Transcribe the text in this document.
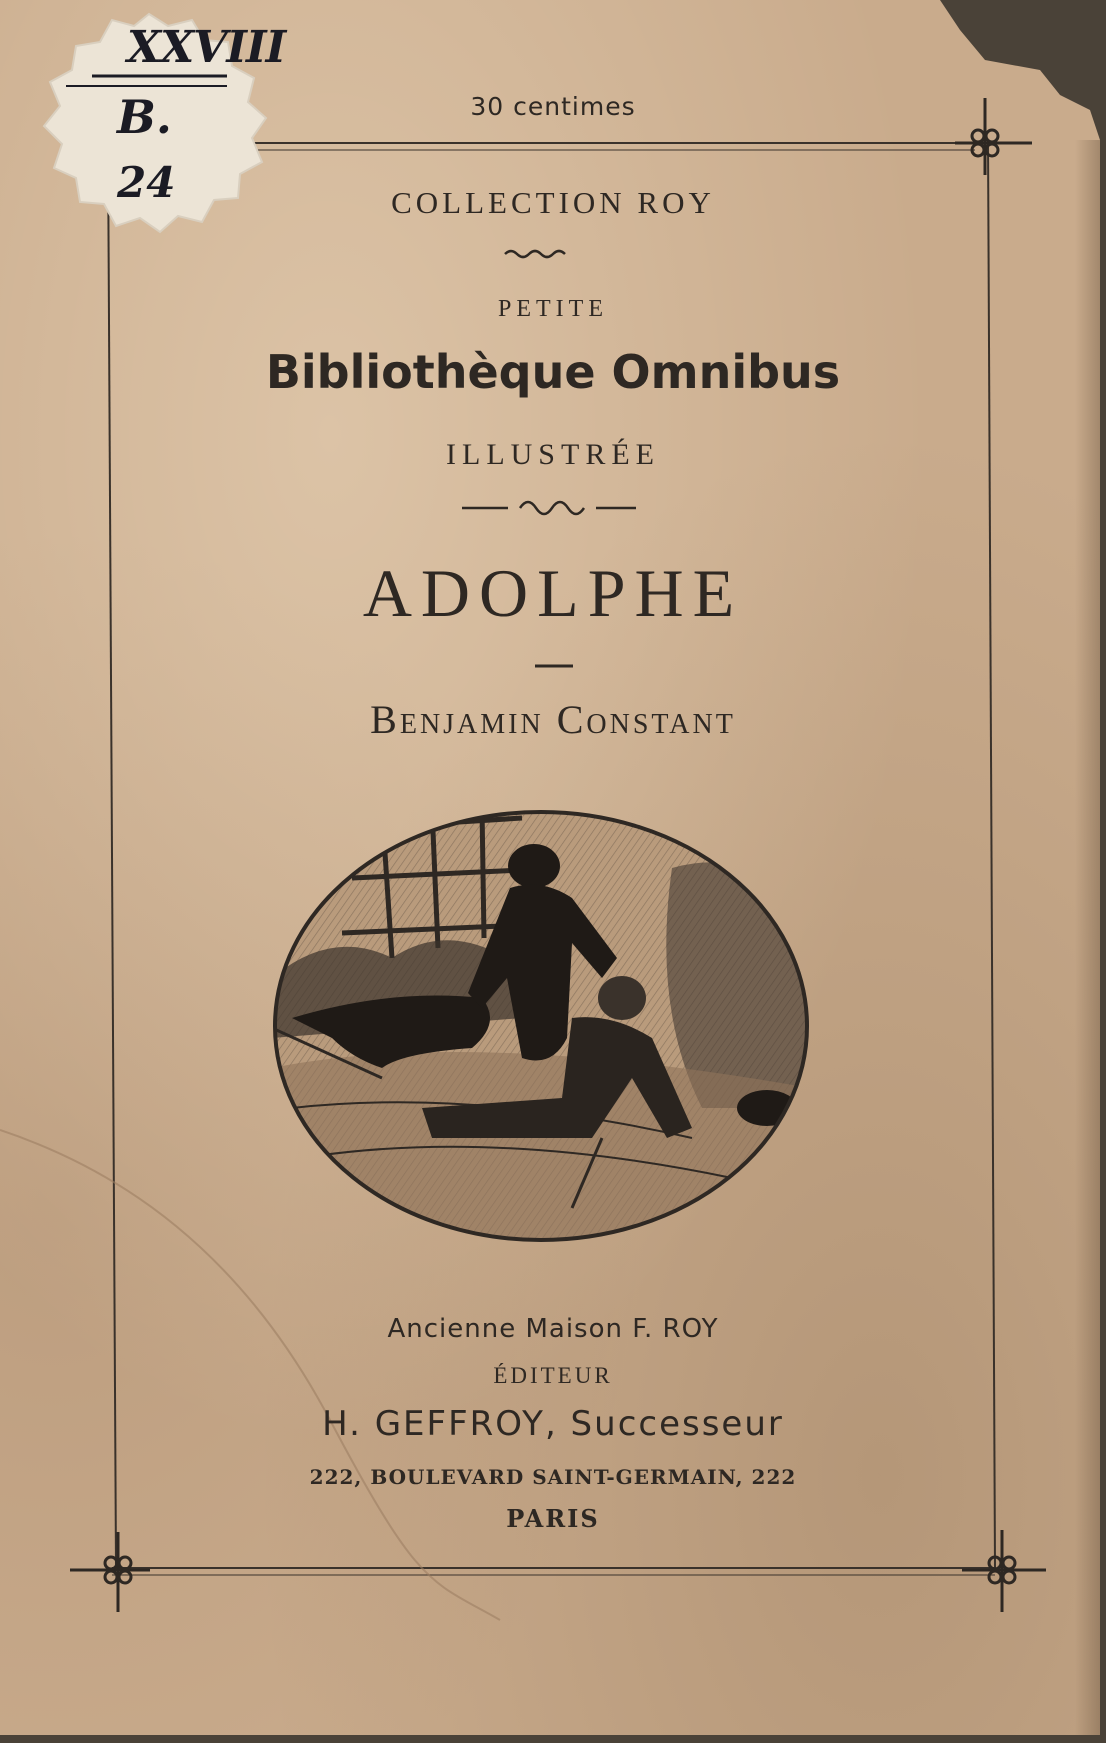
XXVIII
B.
24
30 centimes
COLLECTION ROY
PETITE
Bibliothèque Omnibus
ILLUSTRÉE
ADOLPHE
Benjamin Constant
Ancienne Maison F. ROY
ÉDITEUR
H. GEFFROY, Successeur
222, BOULEVARD SAINT-GERMAIN, 222
PARIS
